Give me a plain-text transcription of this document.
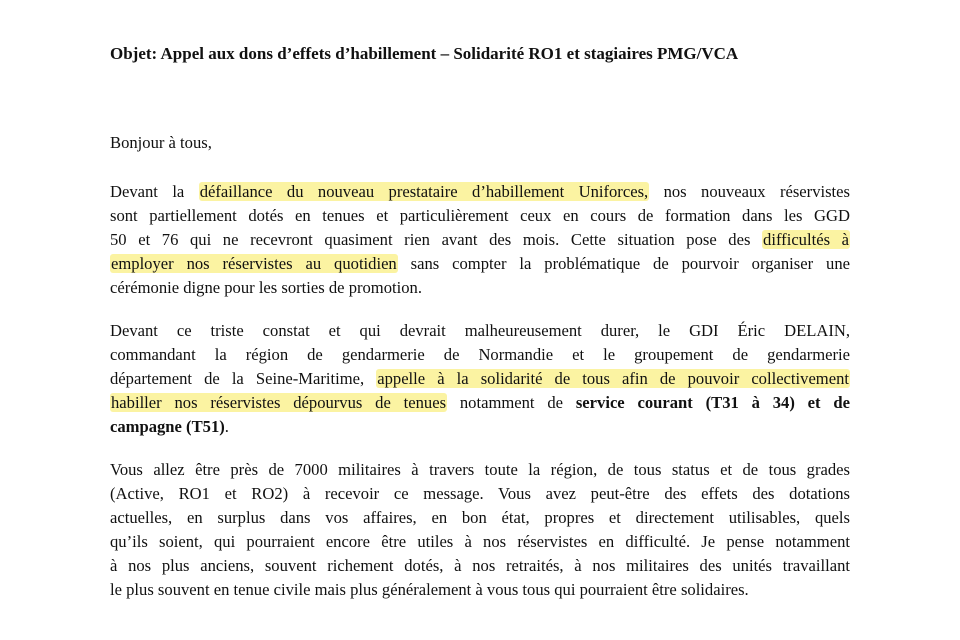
Objet: Appel aux dons d’effets d’habillement – Solidarité RO1 et stagiaires PMG/VCA
Bonjour à tous,
Devant la défaillance du nouveau prestataire d’habillement Uniforces, nos nouveaux réservistes
sont partiellement dotés en tenues et particulièrement ceux en cours de formation dans les GGD
50 et 76 qui ne recevront quasiment rien avant des mois. Cette situation pose des difficultés à
employer nos réservistes au quotidien sans compter la problématique de pourvoir organiser une
cérémonie digne pour les sorties de promotion.
Devant ce triste constat et qui devrait malheureusement durer, le GDI Éric DELAIN,
commandant la région de gendarmerie de Normandie et le groupement de gendarmerie
département de la Seine-Maritime, appelle à la solidarité de tous afin de pouvoir collectivement
habiller nos réservistes dépourvus de tenues notamment de service courant (T31 à 34) et de
campagne (T51).
Vous allez être près de 7000 militaires à travers toute la région, de tous status et de tous grades
(Active, RO1 et RO2) à recevoir ce message. Vous avez peut-être des effets des dotations
actuelles, en surplus dans vos affaires, en bon état, propres et directement utilisables, quels
qu’ils soient, qui pourraient encore être utiles à nos réservistes en difficulté. Je pense notamment
à nos plus anciens, souvent richement dotés, à nos retraités, à nos militaires des unités travaillant
le plus souvent en tenue civile mais plus généralement à vous tous qui pourraient être solidaires.
